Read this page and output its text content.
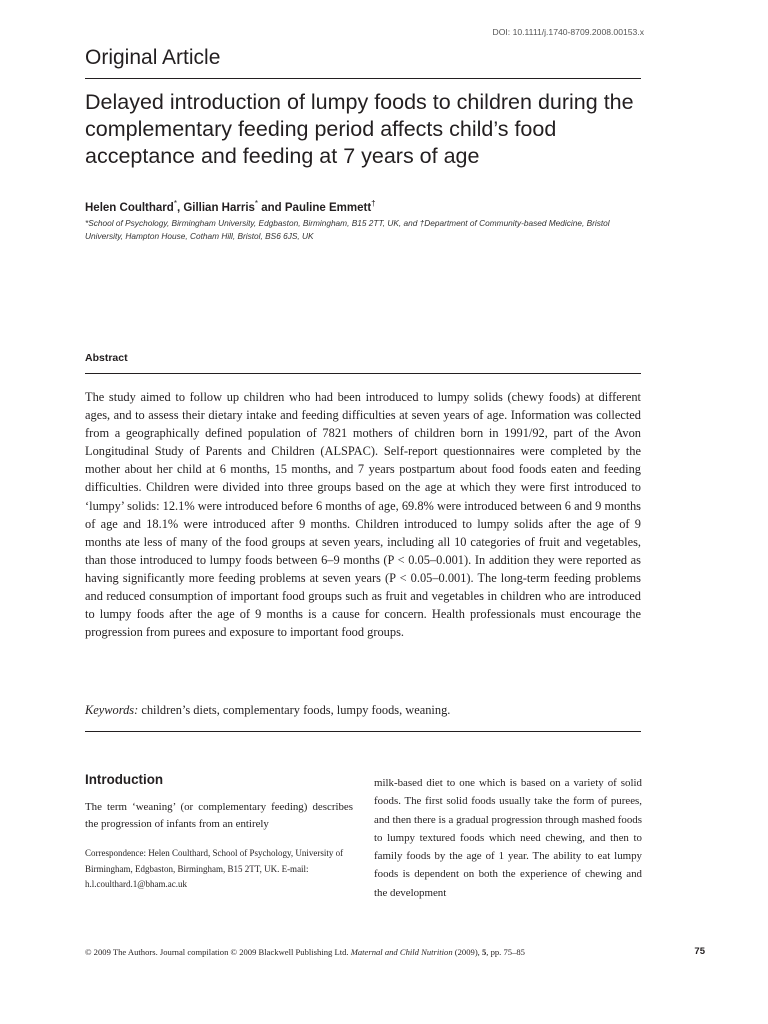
DOI: 10.1111/j.1740-8709.2008.00153.x
Original Article
Delayed introduction of lumpy foods to children during the complementary feeding period affects child’s food acceptance and feeding at 7 years of age
Helen Coulthard*, Gillian Harris* and Pauline Emmett†
*School of Psychology, Birmingham University, Edgbaston, Birmingham, B15 2TT, UK, and †Department of Community-based Medicine, Bristol University, Hampton House, Cotham Hill, Bristol, BS6 6JS, UK
Abstract
The study aimed to follow up children who had been introduced to lumpy solids (chewy foods) at different ages, and to assess their dietary intake and feeding difficulties at seven years of age. Information was collected from a geographically defined population of 7821 mothers of children born in 1991/92, part of the Avon Longitudinal Study of Parents and Children (ALSPAC). Self-report questionnaires were completed by the mother about her child at 6 months, 15 months, and 7 years postpartum about food foods eaten and feeding difficulties. Children were divided into three groups based on the age at which they were first introduced to ‘lumpy’ solids: 12.1% were introduced before 6 months of age, 69.8% were introduced between 6 and 9 months of age and 18.1% were introduced after 9 months. Children introduced to lumpy solids after the age of 9 months ate less of many of the food groups at seven years, including all 10 categories of fruit and vegetables, than those introduced to lumpy foods between 6–9 months (P < 0.05–0.001). In addition they were reported as having significantly more feeding problems at seven years (P < 0.05–0.001). The long-term feeding problems and reduced consumption of important food groups such as fruit and vegetables in children who are introduced to lumpy foods after the age of 9 months is a cause for concern. Health professionals must encourage the progression from purees and exposure to important food groups.
Keywords: children’s diets, complementary foods, lumpy foods, weaning.
Introduction
The term ‘weaning’ (or complementary feeding) describes the progression of infants from an entirely
Correspondence: Helen Coulthard, School of Psychology, University of Birmingham, Edgbaston, Birmingham, B15 2TT, UK. E-mail: h.l.coulthard.1@bham.ac.uk
milk-based diet to one which is based on a variety of solid foods. The first solid foods usually take the form of purees, and then there is a gradual progression through mashed foods to lumpy textured foods which need chewing, and then to family foods by the age of 1 year. The ability to eat lumpy foods is dependent on both the experience of chewing and the development
© 2009 The Authors. Journal compilation © 2009 Blackwell Publishing Ltd. Maternal and Child Nutrition (2009), 5, pp. 75–85	75
